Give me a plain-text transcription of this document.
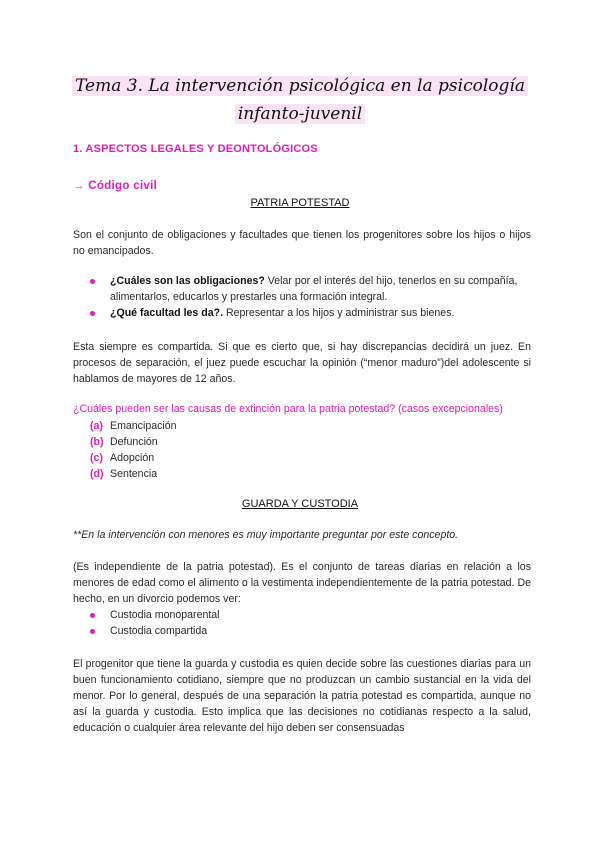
Tema 3. La intervención psicológica en la psicología
infanto-juvenil
1. ASPECTOS LEGALES Y DEONTOLÓGICOS
→ Código civil
PATRIA POTESTAD
Son el conjunto de obligaciones y facultades que tienen los progenitores sobre los hijos o hijos no emancipados.
¿Cuáles son las obligaciones? Velar por el interés del hijo, tenerlos en su compañía, alimentarlos, educarlos y prestarles una formación integral.
¿Qué facultad les da?. Representar a los hijos y administrar sus bienes.
Esta siempre es compartida. Si que es cierto que, si hay discrepancias decidirá un juez. En procesos de separación, el juez puede escuchar la opinión (“menor maduro”)del adolescente si hablamos de mayores de 12 años.
¿Cuáles pueden ser las causas de extinción para la patria potestad? (casos excepcionales)
(a) Emancipación
(b) Defunción
(c) Adopción
(d) Sentencia
GUARDA Y CUSTODIA
**En la intervención con menores es muy importante preguntar por este concepto.
(Es independiente de la patria potestad). Es el conjunto de tareas diarias en relación a los menores de edad como el alimento o la vestimenta independientemente de la patria potestad. De hecho, en un divorcio podemos ver:
Custodia monoparental
Custodia compartida
El progenitor que tiene la guarda y custodia es quien decide sobre las cuestiones diarias para un buen funcionamiento cotidiano, siempre que no produzcan un cambio sustancial en la vida del menor. Por lo general, después de una separación la patria potestad es compartida, aunque no así la guarda y custodia. Esto implica que las decisiones no cotidianas respecto a la salud, educación o cualquier área relevante del hijo deben ser consensuadas
